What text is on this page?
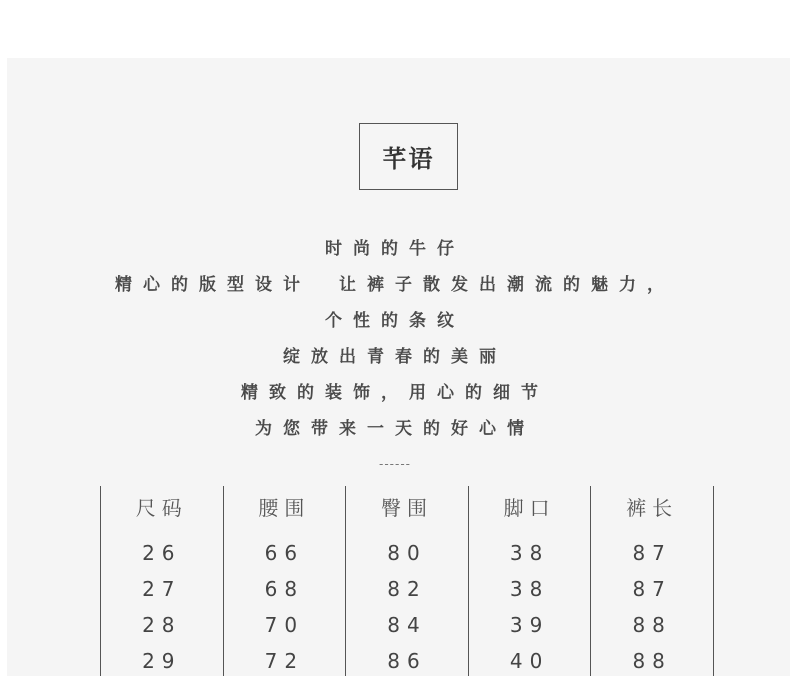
芊语
时尚的牛仔
精心的版型设计　让裤子散发出潮流的魅力，
个性的条纹
绽放出青春的美丽
精致的装饰，用心的细节
为您带来一天的好心情
------
尺码
26
27
28
29
腰围
66
68
70
72
臀围
80
82
84
86
脚口
38
38
39
40
裤长
87
87
88
88
